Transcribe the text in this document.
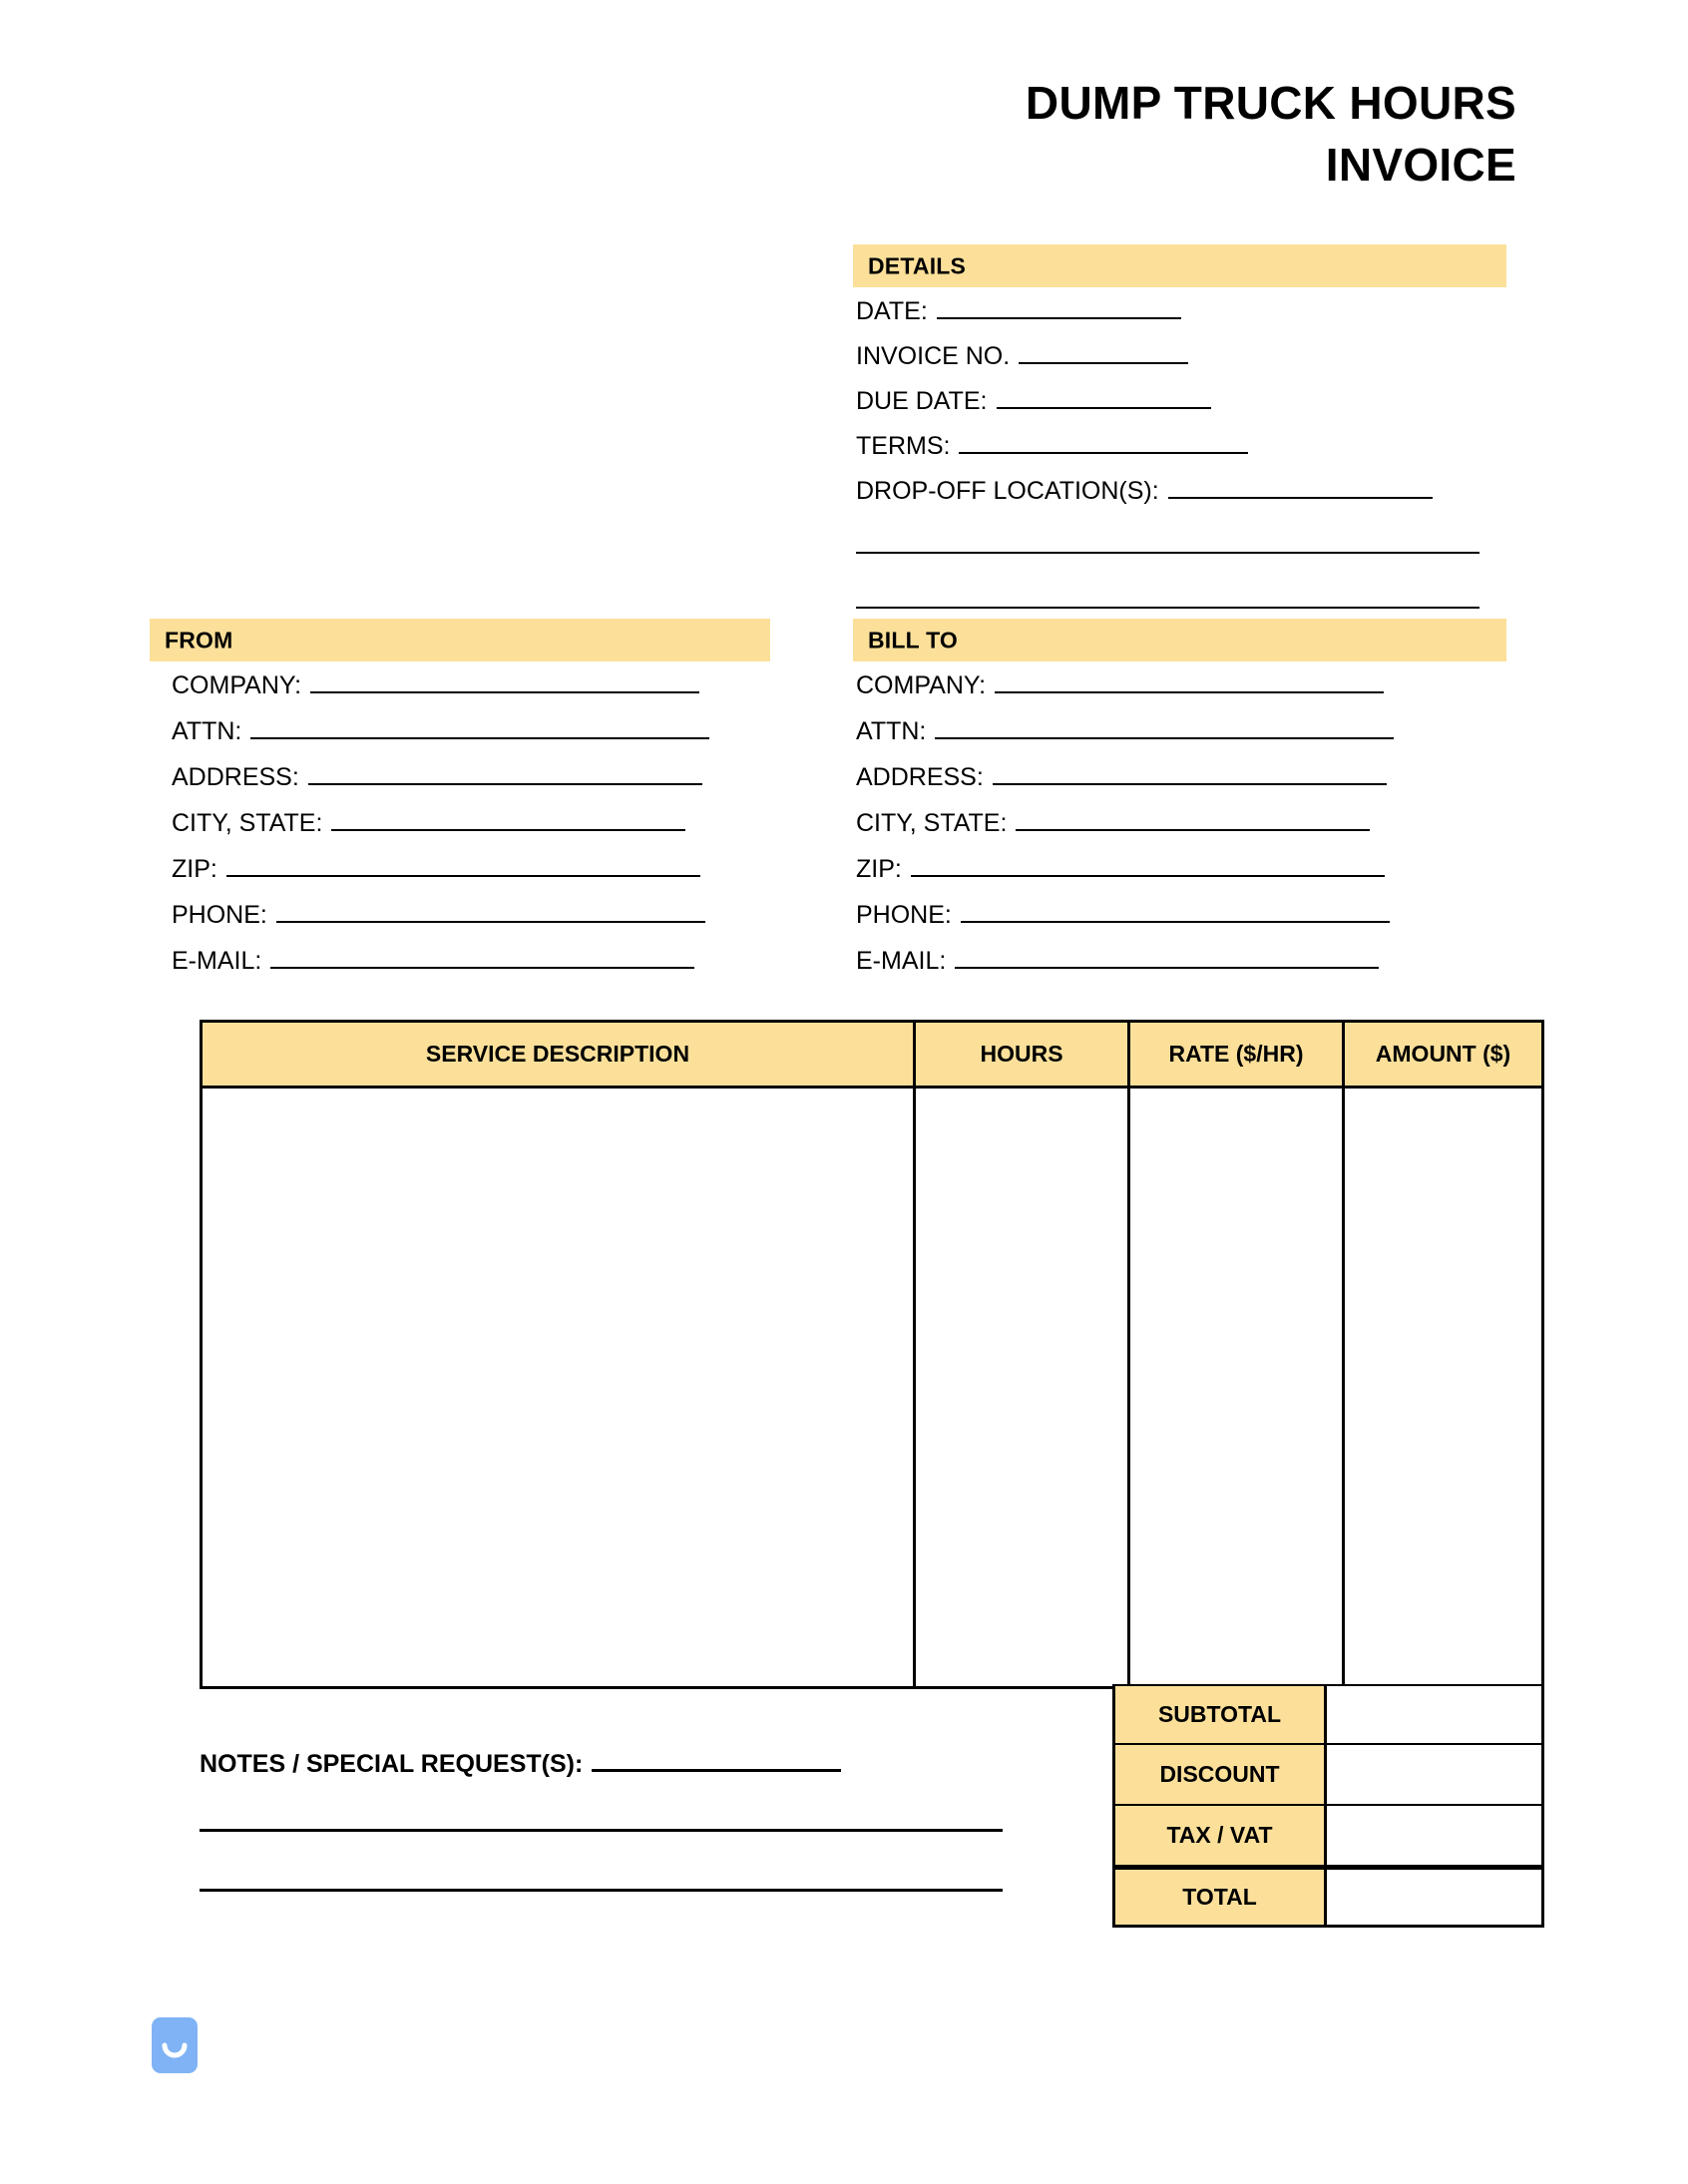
DUMP TRUCK HOURS
INVOICE
DETAILS
DATE:
INVOICE NO.
DUE DATE:
TERMS:
DROP-OFF LOCATION(S):
FROM
COMPANY:
ATTN:
ADDRESS:
CITY, STATE:
ZIP:
PHONE:
E-MAIL:
BILL TO
COMPANY:
ATTN:
ADDRESS:
CITY, STATE:
ZIP:
PHONE:
E-MAIL:
SERVICE DESCRIPTION	HOURS	RATE ($/HR)	AMOUNT ($)
SUBTOTAL
DISCOUNT
TAX / VAT
TOTAL
NOTES / SPECIAL REQUEST(S):
